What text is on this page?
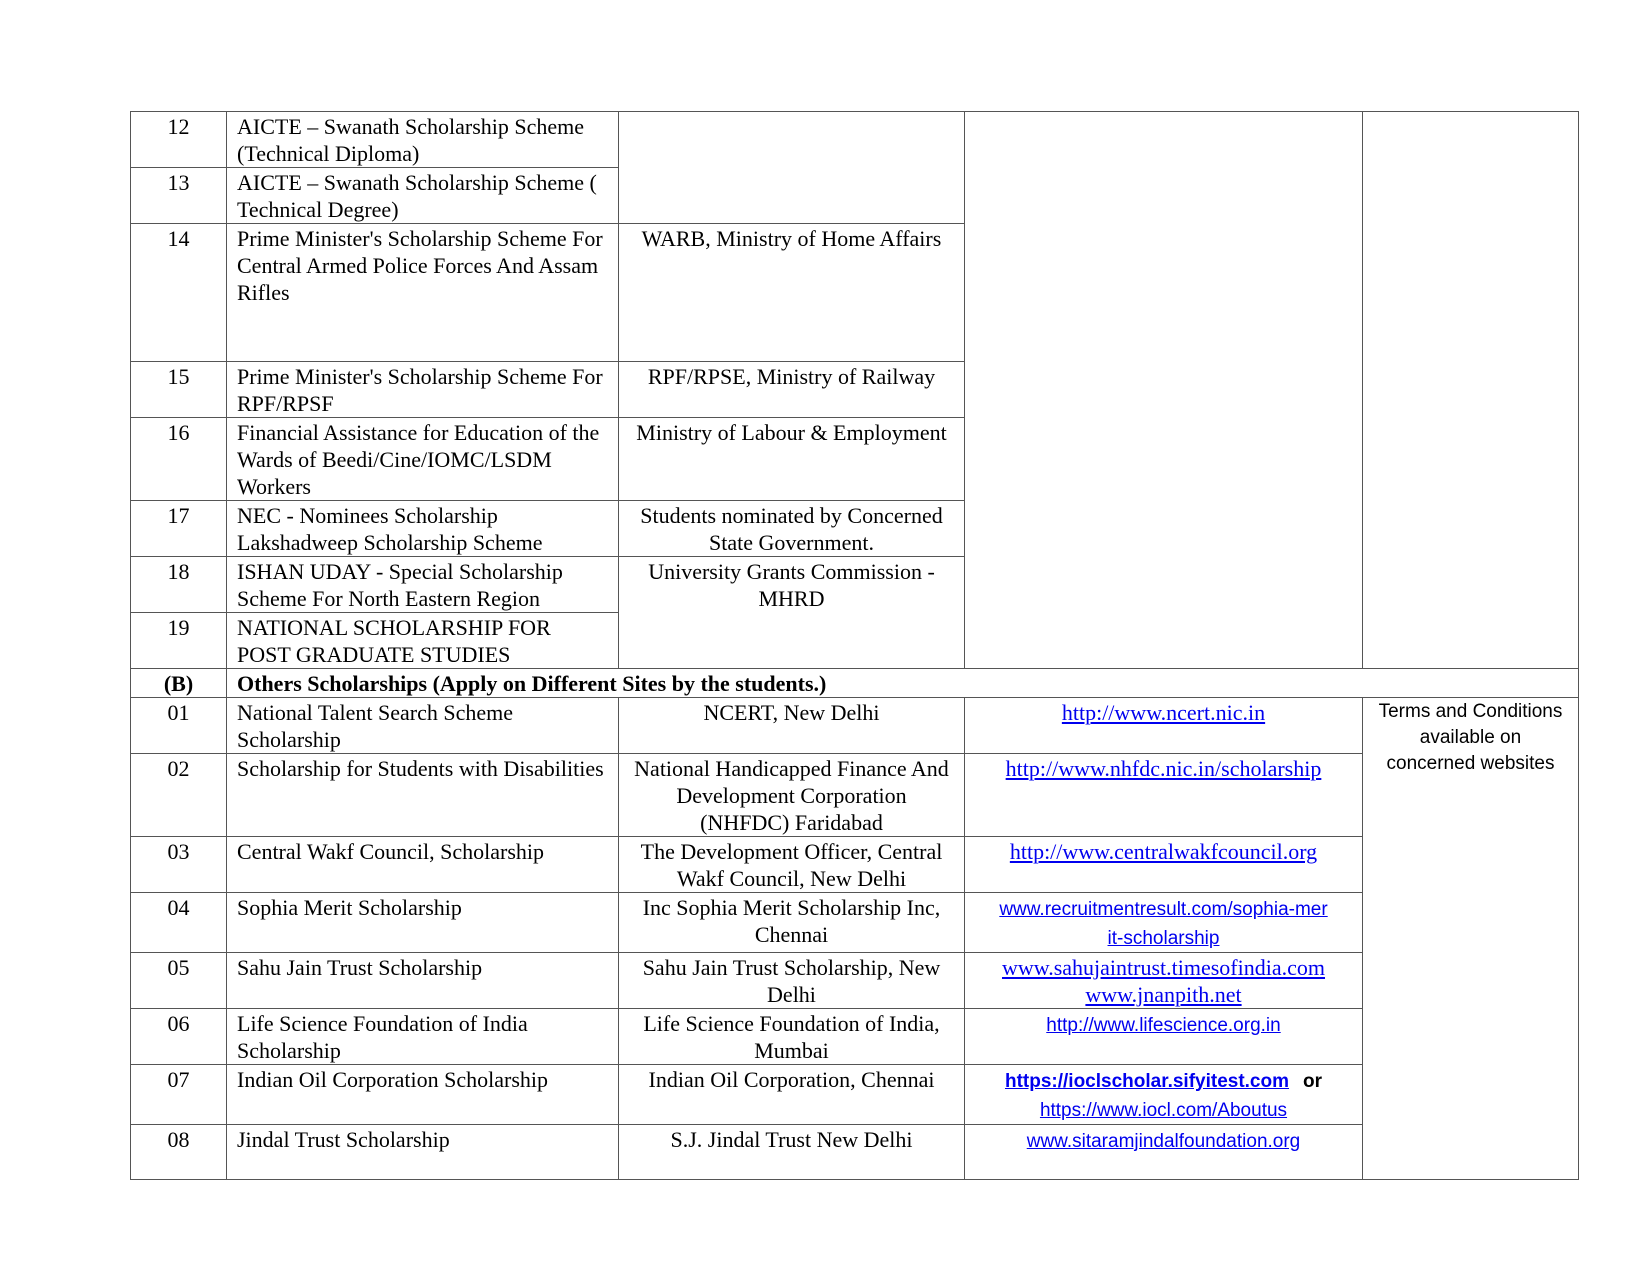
12	AICTE – Swanath Scholarship Scheme (Technical Diploma)			
13	AICTE – Swanath Scholarship Scheme ( Technical Degree)			
14	Prime Minister's Scholarship Scheme For Central Armed Police Forces And Assam Rifles	WARB, Ministry of Home Affairs		
15	Prime Minister's Scholarship Scheme For RPF/RPSF	RPF/RPSE, Ministry of Railway		
16	Financial Assistance for Education of the Wards of Beedi/Cine/IOMC/LSDM Workers	Ministry of Labour & Employment		
17	NEC - Nominees Scholarship Lakshadweep Scholarship Scheme	Students nominated by Concerned State Government.		
18	ISHAN UDAY - Special Scholarship Scheme For North Eastern Region	University Grants Commission - MHRD		
19	NATIONAL SCHOLARSHIP FOR POST GRADUATE STUDIES			
(B)	Others Scholarships (Apply on Different Sites by the students.)			
01	National Talent Search Scheme Scholarship	NCERT, New Delhi	http://www.ncert.nic.in	Terms and Conditions available on concerned websites
02	Scholarship for Students with Disabilities	National Handicapped Finance And Development Corporation (NHFDC) Faridabad	http://www.nhfdc.nic.in/scholarship	
03	Central Wakf Council, Scholarship	The Development Officer, Central Wakf Council, New Delhi	http://www.centralwakfcouncil.org	
04	Sophia Merit Scholarship	Inc Sophia Merit Scholarship Inc, Chennai	www.recruitmentresult.com/sophia-merit-scholarship	

05	Sahu Jain Trust Scholarship	Sahu Jain Trust Scholarship, New Delhi	www.sahujaintrust.timesofindia.com
www.jnanpith.net	
06	Life Science Foundation of India Scholarship	Life Science Foundation of India, Mumbai	http://www.lifescience.org.in	
07	Indian Oil Corporation Scholarship	Indian Oil Corporation, Chennai	https://ioclscholar.sifyitest.com or
https://www.iocl.com/Aboutus	
08	Jindal Trust Scholarship	S.J. Jindal Trust New Delhi	www.sitaramjindalfoundation.org	
